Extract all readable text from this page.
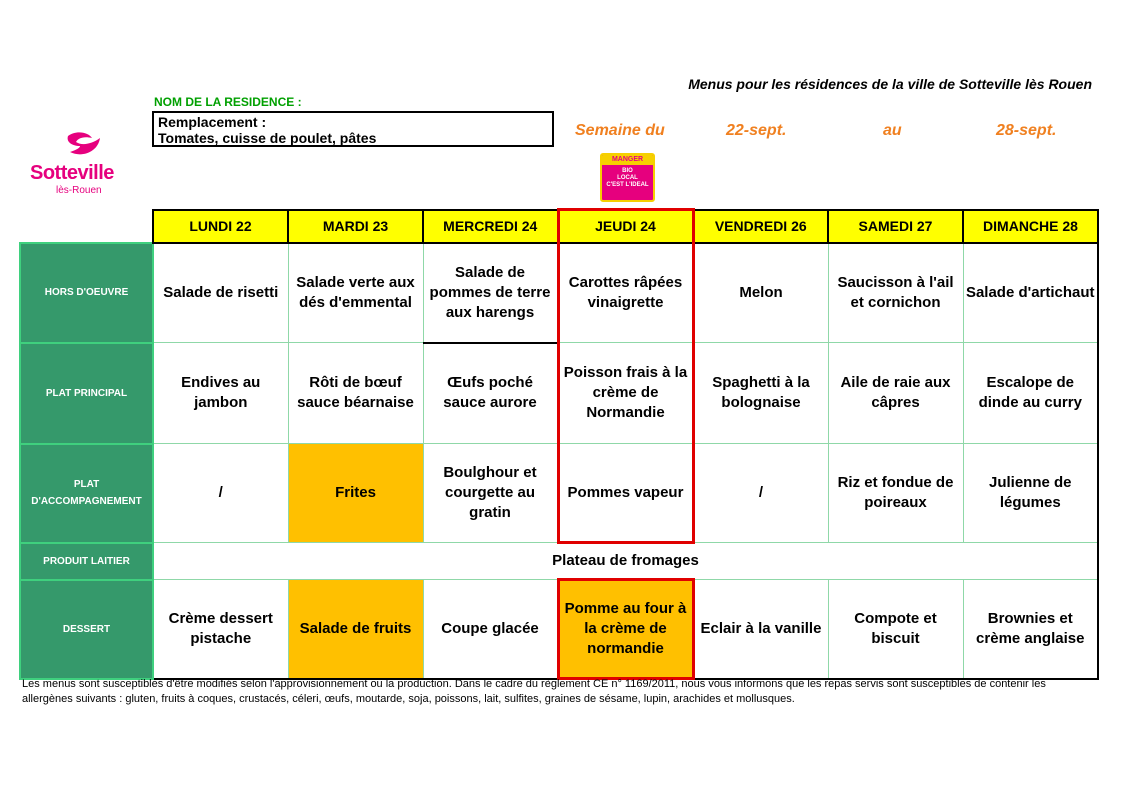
Menus pour les résidences de la ville de Sotteville lès Rouen
NOM DE LA RESIDENCE :
Remplacement :
Tomates, cuisse de poulet, pâtes
Sotteville
lès-Rouen
Semaine du	22-sept.	au	28-sept.
MANGER
BIO
LOCAL
C'EST L'IDEAL
	LUNDI 22	MARDI 23	MERCREDI 24	JEUDI 24	VENDREDI 26	SAMEDI 27	DIMANCHE 28
HORS D'OEUVRE	Salade de risetti	Salade verte aux dés d'emmental	Salade de pommes de terre aux harengs	Carottes râpées vinaigrette	Melon	Saucisson à l'ail et cornichon	Salade d'artichaut
PLAT PRINCIPAL	Endives au jambon	Rôti de bœuf sauce béarnaise	Œufs poché sauce aurore	Poisson frais à la crème de Normandie	Spaghetti à la bolognaise	Aile de raie aux câpres	Escalope de dinde au curry
PLAT D'ACCOMPAGNEMENT	/	Frites	Boulghour et courgette au gratin	Pommes vapeur	/	Riz et fondue de poireaux	Julienne de légumes
PRODUIT LAITIER	Plateau de fromages						
DESSERT	Crème dessert pistache	Salade de fruits	Coupe glacée	Pomme au four à la crème de normandie	Eclair à la vanille	Compote et biscuit	Brownies et crème anglaise
Les menus sont susceptibles d'être modifiés selon l'approvisionnement ou la production. Dans le cadre du règlement CE n° 1169/2011, nous vous informons que les repas servis sont susceptibles de contenir les allergènes suivants : gluten, fruits à coques, crustacés, céleri, œufs, moutarde, soja, poissons, lait, sulfites, graines de sésame, lupin, arachides et mollusques.
